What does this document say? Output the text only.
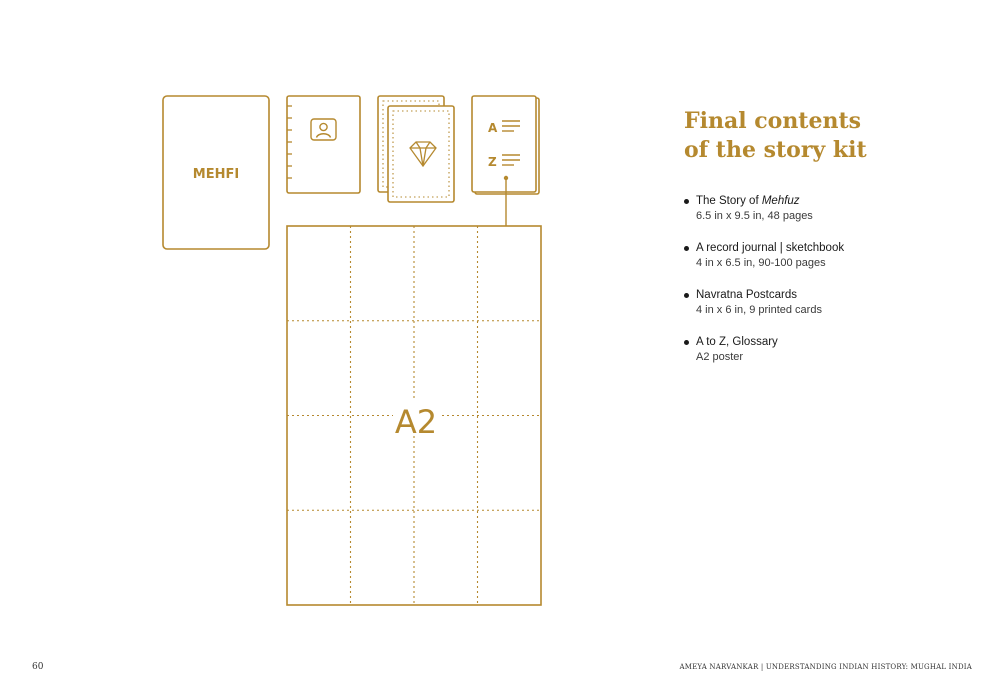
MEHFI
A
Z
A2
Final contents
of the story kit
The Story of Mehfuz
6.5 in x 9.5 in, 48 pages
A record journal | sketchbook
4 in x 6.5 in, 90-100 pages
Navratna Postcards
4 in x 6 in, 9 printed cards
A to Z, Glossary
A2 poster
60	AMEYA NARVANKAR | UNDERSTANDING INDIAN HISTORY: MUGHAL INDIA
